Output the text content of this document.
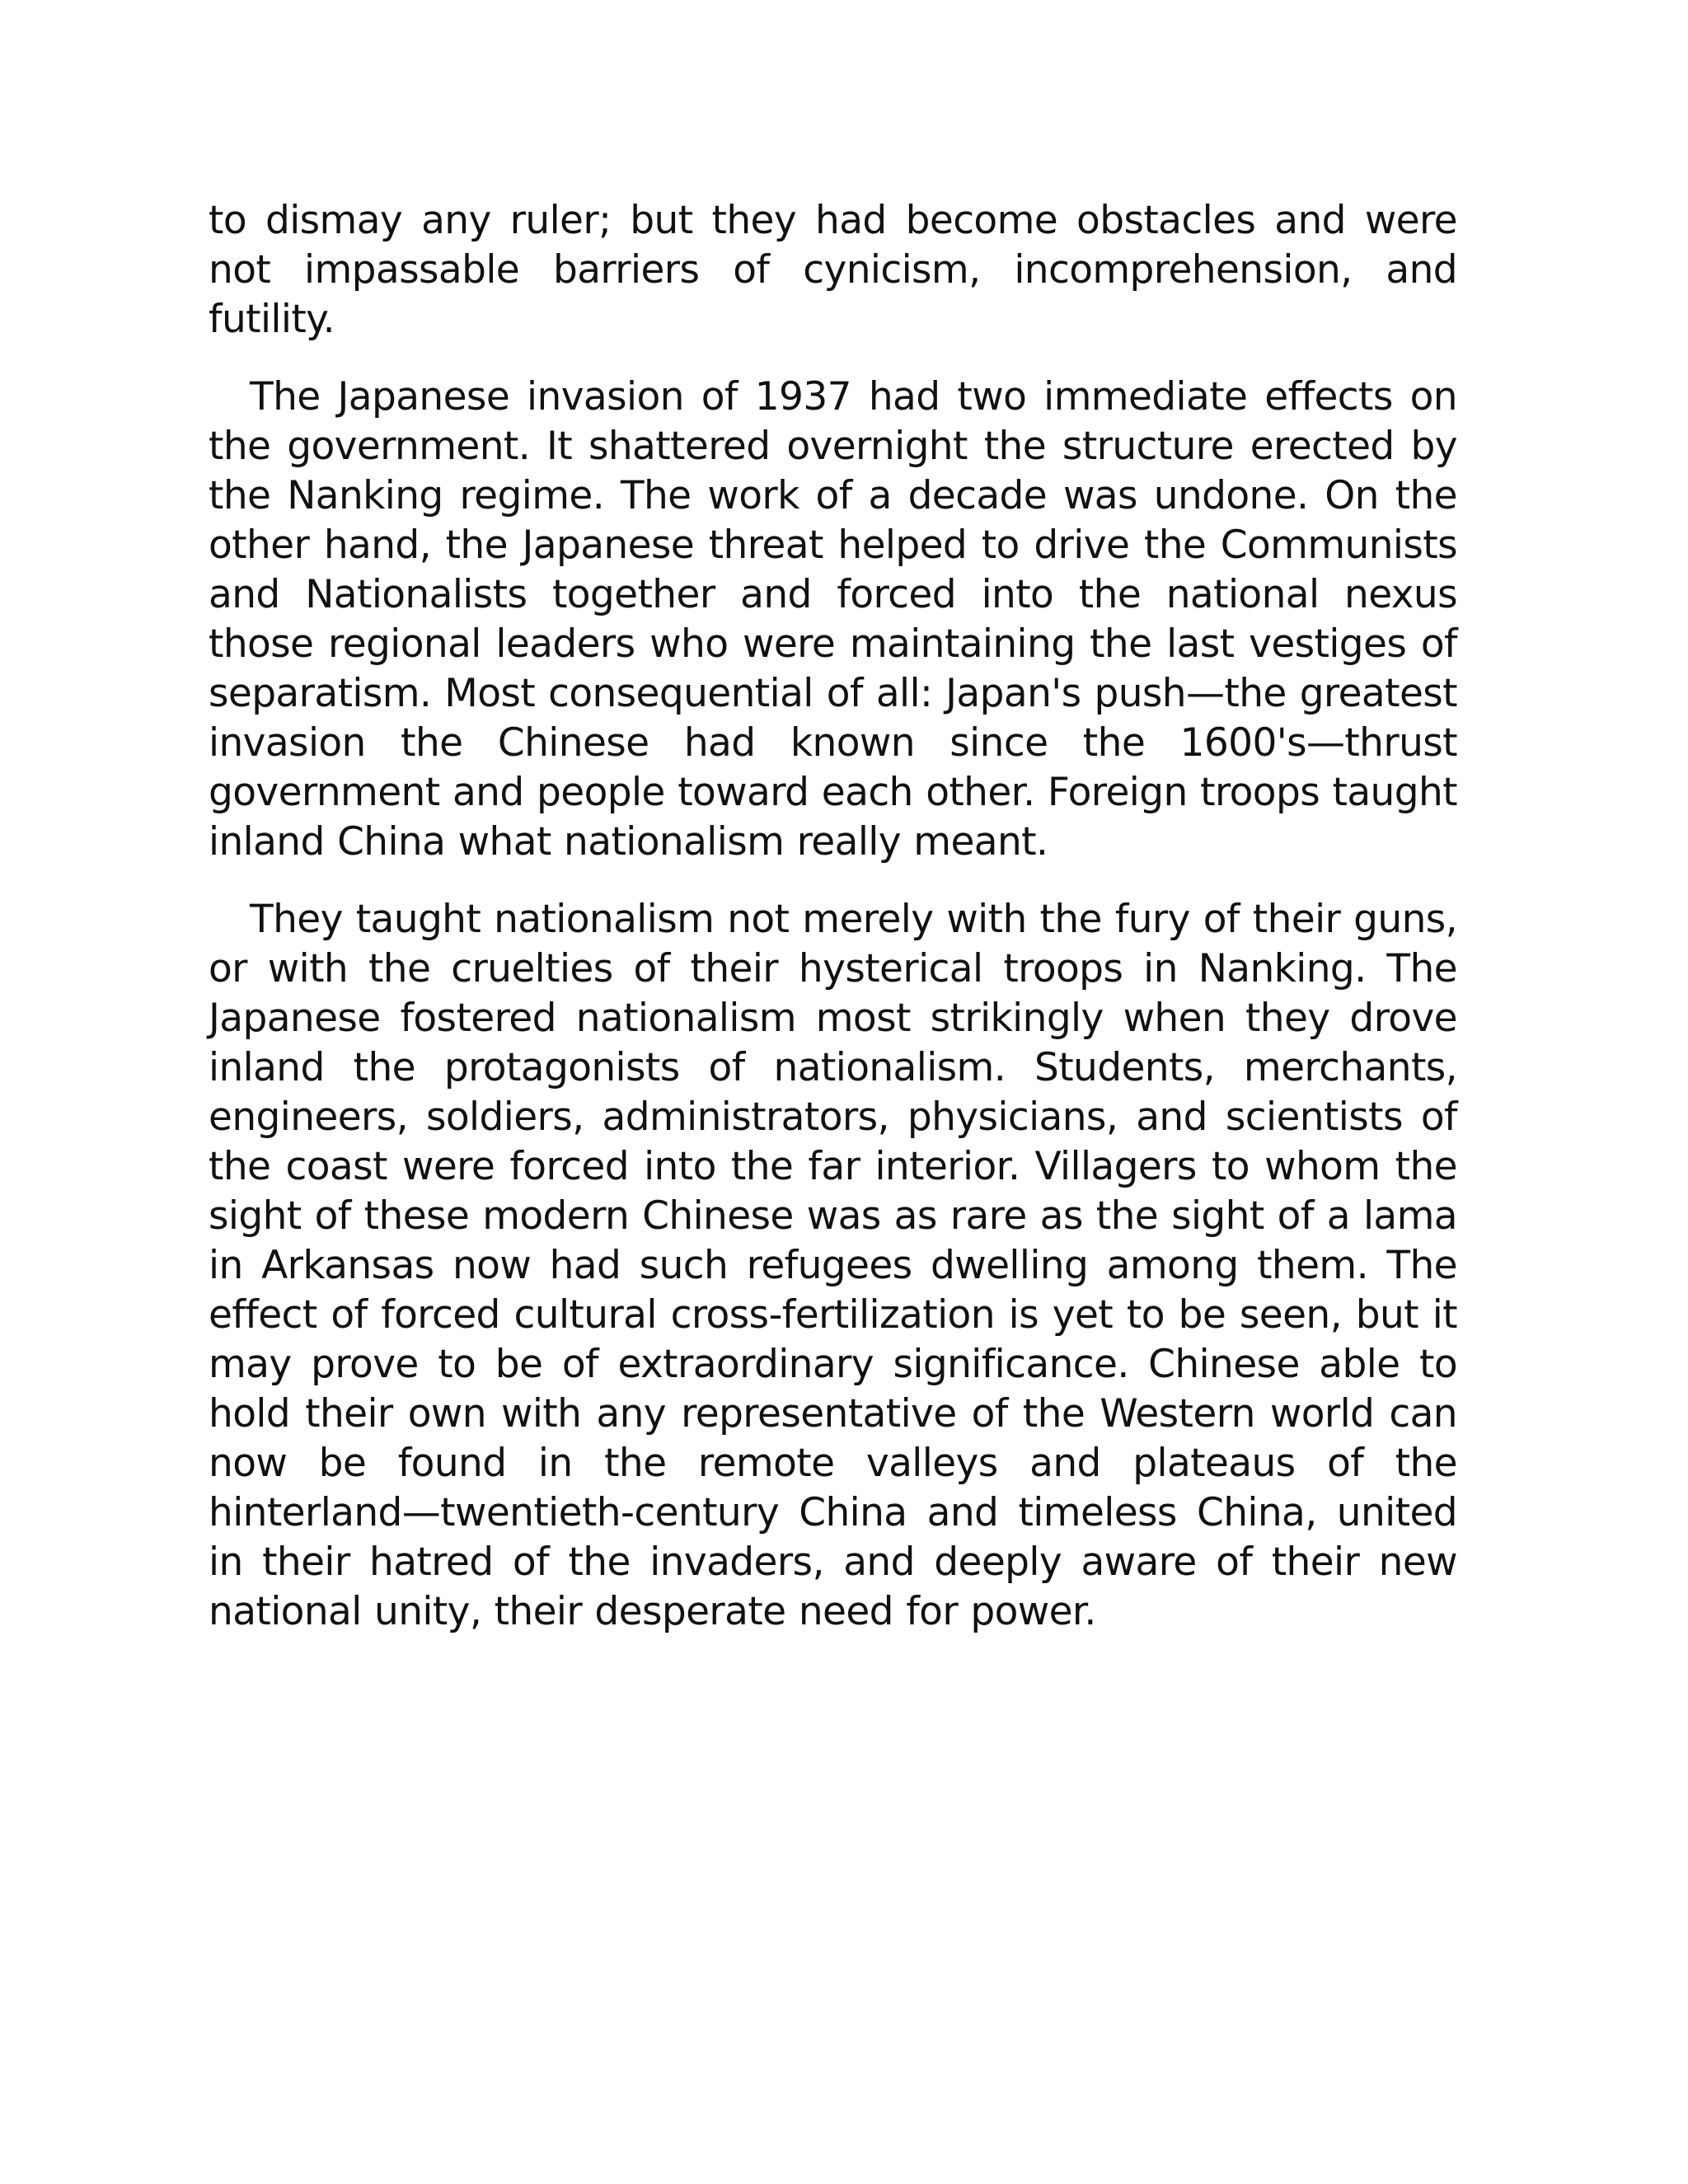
to dismay any ruler; but they had become obstacles and were not impassable barriers of cynicism, incomprehension, and futility.

The Japanese invasion of 1937 had two immediate effects on the government. It shattered overnight the structure erected by the Nanking regime. The work of a decade was undone. On the other hand, the Japanese threat helped to drive the Communists and Nationalists together and forced into the national nexus those regional leaders who were maintaining the last vestiges of separatism. Most consequential of all: Japan's push—the greatest invasion the Chinese had known since the 1600's—thrust government and people toward each other. Foreign troops taught inland China what nationalism really meant.

They taught nationalism not merely with the fury of their guns, or with the cruelties of their hysterical troops in Nanking. The Japanese fostered nationalism most strikingly when they drove inland the protagonists of nationalism. Students, merchants, engineers, soldiers, administrators, physicians, and scientists of the coast were forced into the far interior. Villagers to whom the sight of these modern Chinese was as rare as the sight of a lama in Arkansas now had such refugees dwelling among them. The effect of forced cultural cross-fertilization is yet to be seen, but it may prove to be of extraordinary significance. Chinese able to hold their own with any representative of the Western world can now be found in the remote valleys and plateaus of the hinterland—twentieth-century China and timeless China, united in their hatred of the invaders, and deeply aware of their new national unity, their desperate need for power.
